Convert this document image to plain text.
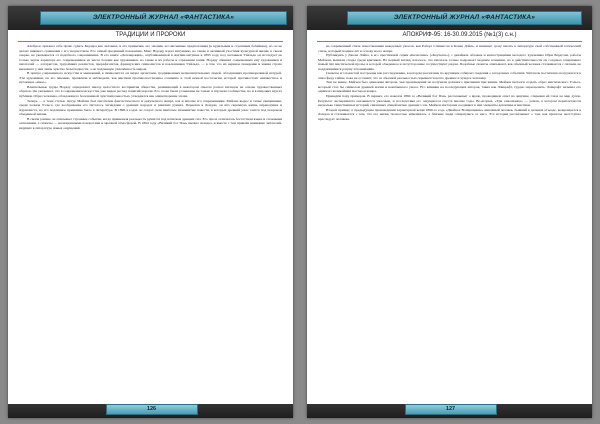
ЭЛЕКТРОННЫЙ ЖУРНАЛ «ФАНТАСТИКА»
ТРАДИЦИИ И ПРОРОКИ

Ахеброзо признал себе право судить Бедлера как человека, и его привычки, его эмоции, его интимные предпочтения (к курильным и страшным бабайкам), но он не делает никакого сравнения с его творчеством. Его самый преданный поклонник, Макс Нордау, издал интуицию, но также и активный участник культурной жизни, в своем очерке, не указывается от подобного современника. В его книге «Дегенерация», опубликованной в Англии-матушке в 1895 году, под заглавием Уайльда он исследует не только черты характера его современников из числа богемы как художников, но также и их работы и отражения гения. Нордау обвинял современных ему художников и писателей — алтаристов, трудоёмких реалистов, прерафаэлитов, французских символистов и поклонников Уайльда, — в том, что их нервное поведение и мания страха вызывают у них лишь чувство безысходности, а не подлинную увлечённость миром.

В центре современного искусства и мышлений, в символистах он видел аргентами, традиционных непроницательных людей, обладающих противоречивой натурой. Эти художники, по его мнению, проявляли и наблюдали, как мистики противопоставлены сознанию и этой вечной ностальгии, которой противостоит неизвестное и пугающее «иное».

Влиятельные труды Нордау определяют шкалу целостного восприятия общества, развивающей в некотором смысле раскол взглядов на основе художественных образов. Он указывает, что в современном искусстве уже виден распад понятий морали. Его слова были услышаны не только в научном сообществе, но и в широких кругах публики. Образ человека, обладающего болезненной чувствительностью, утвердился как олицетворение эпохи.

Теперь — к теме статьи. Артур Мейчен был писателем фантастического и оккультного жанра, как и многие его современники. Мейчен вырос в семье священника, среди холмов Уэльса, где воображение его питалось легендами о древних народах и римских руинах. Переехав в Лондон, он вёл скромную жизнь переводчика и журналиста, но его подлинное призвание было в литературе. В 1890-х годах он создал свои наиболее знаменитые повести, в которых древний ужас таится под покровом обыденной жизни.

В своём романе он описывает странные события, когда привычная реальность рушится под натиском древних сил. Его проза отличалась богатством языка и сложными аллюзиями, а сюжеты — неожиданными поворотами и мрачной атмосферой. В 1894 году «Великий бог Пан» вызвал скандал, и вместе с тем привлёк внимание читателей, ищущих в литературе новых ощущений.

126
ЭЛЕКТРОННЫЙ ЖУРНАЛ «ФАНТАСТИКА»
АПОКРИФ-95: 16-30.09.2015 (№1(3) с.н.)

на современный стиль повествования неведомых ужасов, как Роберт Стивенсон и Конан Дойль, и начинает сразу писать в литературе свой собственный готический стиль, который позднее лёг в основу всего жанра.

Публикуясь у Джона Лэйна, в его престижной серии «Кельтские» («Keynotes»), с дизайном обложек и иллюстрациями молодого художника Обри Бердслея, работы Мейчена вызвали споры среди критиков. На первый взгляд, казалось, что писатель только подражает модным течениям, но в действительности он создавал совершенно новый тип мистической прозы, в которой обыденное и потустороннее сосуществуют рядом. Подобные сюжеты описывают, как обычный человек сталкивается с силами, не поддающимися разуму и пониманию.

Сюжеты его повестей построены как расследование, в котором рассказчик по крупицам собирает сведения о загадочных событиях. Читатель постепенно погружается в атмосферу тайны, пока не осознаёт, что за обычной реальностью скрывается нечто древнее и чуждое человеку.

Тем не менее, Мейчен был одиноким автором, чьи произведения не получили должного признания при жизни. Мейчен пытался создать образ мистического Уэльса, который стал бы символом древней магии и неизбывного ужаса. Его влияние на последующих авторов, таких как Лавкрафт, трудно переоценить. Лавкрафт называл его одним из величайших мастеров жанра.

Приведём пару примеров. В первых, его новелла 1894 го «Великий бог Пан» рассказывает о враче, проводящем опыт на девушке, открывая ей глаза на мир духов. Результат эксперимента оказывается ужасным, и последствия его ощущаются спустя многие годы. Во-вторых, «Три самозванца» — роман, в котором переплетаются несколько таинственных историй, связанных общей нитью древнего зла. Мейчен мастерски соединяет в них элементы детектива и мистики.

Второй пример: в предыдущем произведении характерной вещи 1890-го года «Двойное Возвращение» виновный человек, бывший в дальнем отъезде, возвращается в Лондон и сталкивается с тем, что его жизнь полностью изменилась, а близкие люди отвернулись от него. Эта история рассказывает о том, как прошлое неотступно преследует человека.

127
